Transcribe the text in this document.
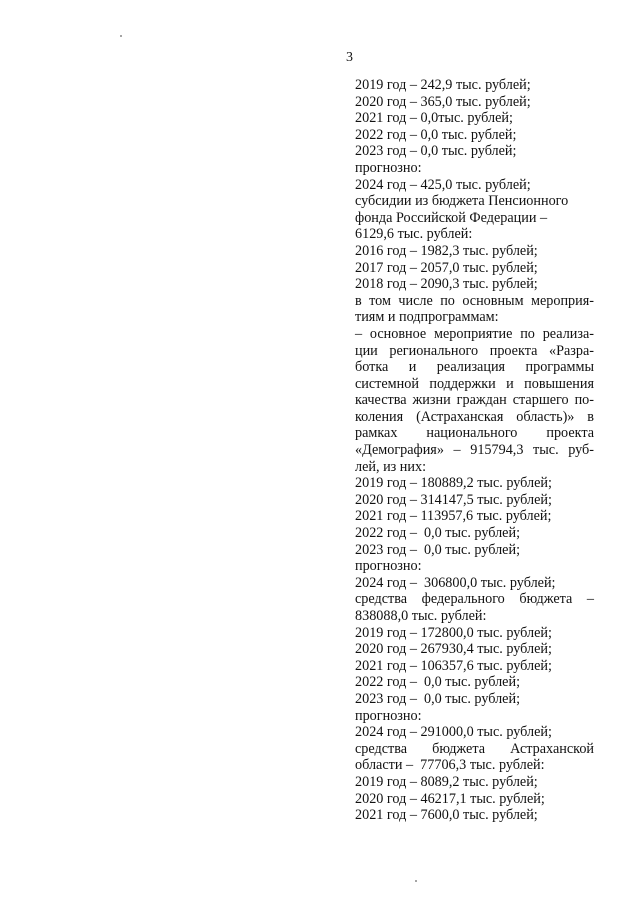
3
2019 год – 242,9 тыс. рублей;
2020 год – 365,0 тыс. рублей;
2021 год – 0,0тыс. рублей;
2022 год – 0,0 тыс. рублей;
2023 год – 0,0 тыс. рублей;
прогнозно:
2024 год – 425,0 тыс. рублей;
субсидии из бюджета Пенсионного
фонда Российской Федерации –
6129,6 тыс. рублей:
2016 год – 1982,3 тыс. рублей;
2017 год – 2057,0 тыс. рублей;
2018 год – 2090,3 тыс. рублей;
в том числе по основным мероприя-
тиям и подпрограммам:
– основное мероприятие по реализа-
ции регионального проекта «Разра-
ботка и реализация программы
системной поддержки и повышения
качества жизни граждан старшего по-
коления (Астраханская область)» в
рамках национального проекта
«Демография» – 915794,3 тыс. руб-
лей, из них:
2019 год – 180889,2 тыс. рублей;
2020 год – 314147,5 тыс. рублей;
2021 год – 113957,6 тыс. рублей;
2022 год –  0,0 тыс. рублей;
2023 год –  0,0 тыс. рублей;
прогнозно:
2024 год –  306800,0 тыс. рублей;
средства федерального бюджета –
838088,0 тыс. рублей:
2019 год – 172800,0 тыс. рублей;
2020 год – 267930,4 тыс. рублей;
2021 год – 106357,6 тыс. рублей;
2022 год –  0,0 тыс. рублей;
2023 год –  0,0 тыс. рублей;
прогнозно:
2024 год – 291000,0 тыс. рублей;
средства бюджета Астраханской
области –  77706,3 тыс. рублей:
2019 год – 8089,2 тыс. рублей;
2020 год – 46217,1 тыс. рублей;
2021 год – 7600,0 тыс. рублей;
